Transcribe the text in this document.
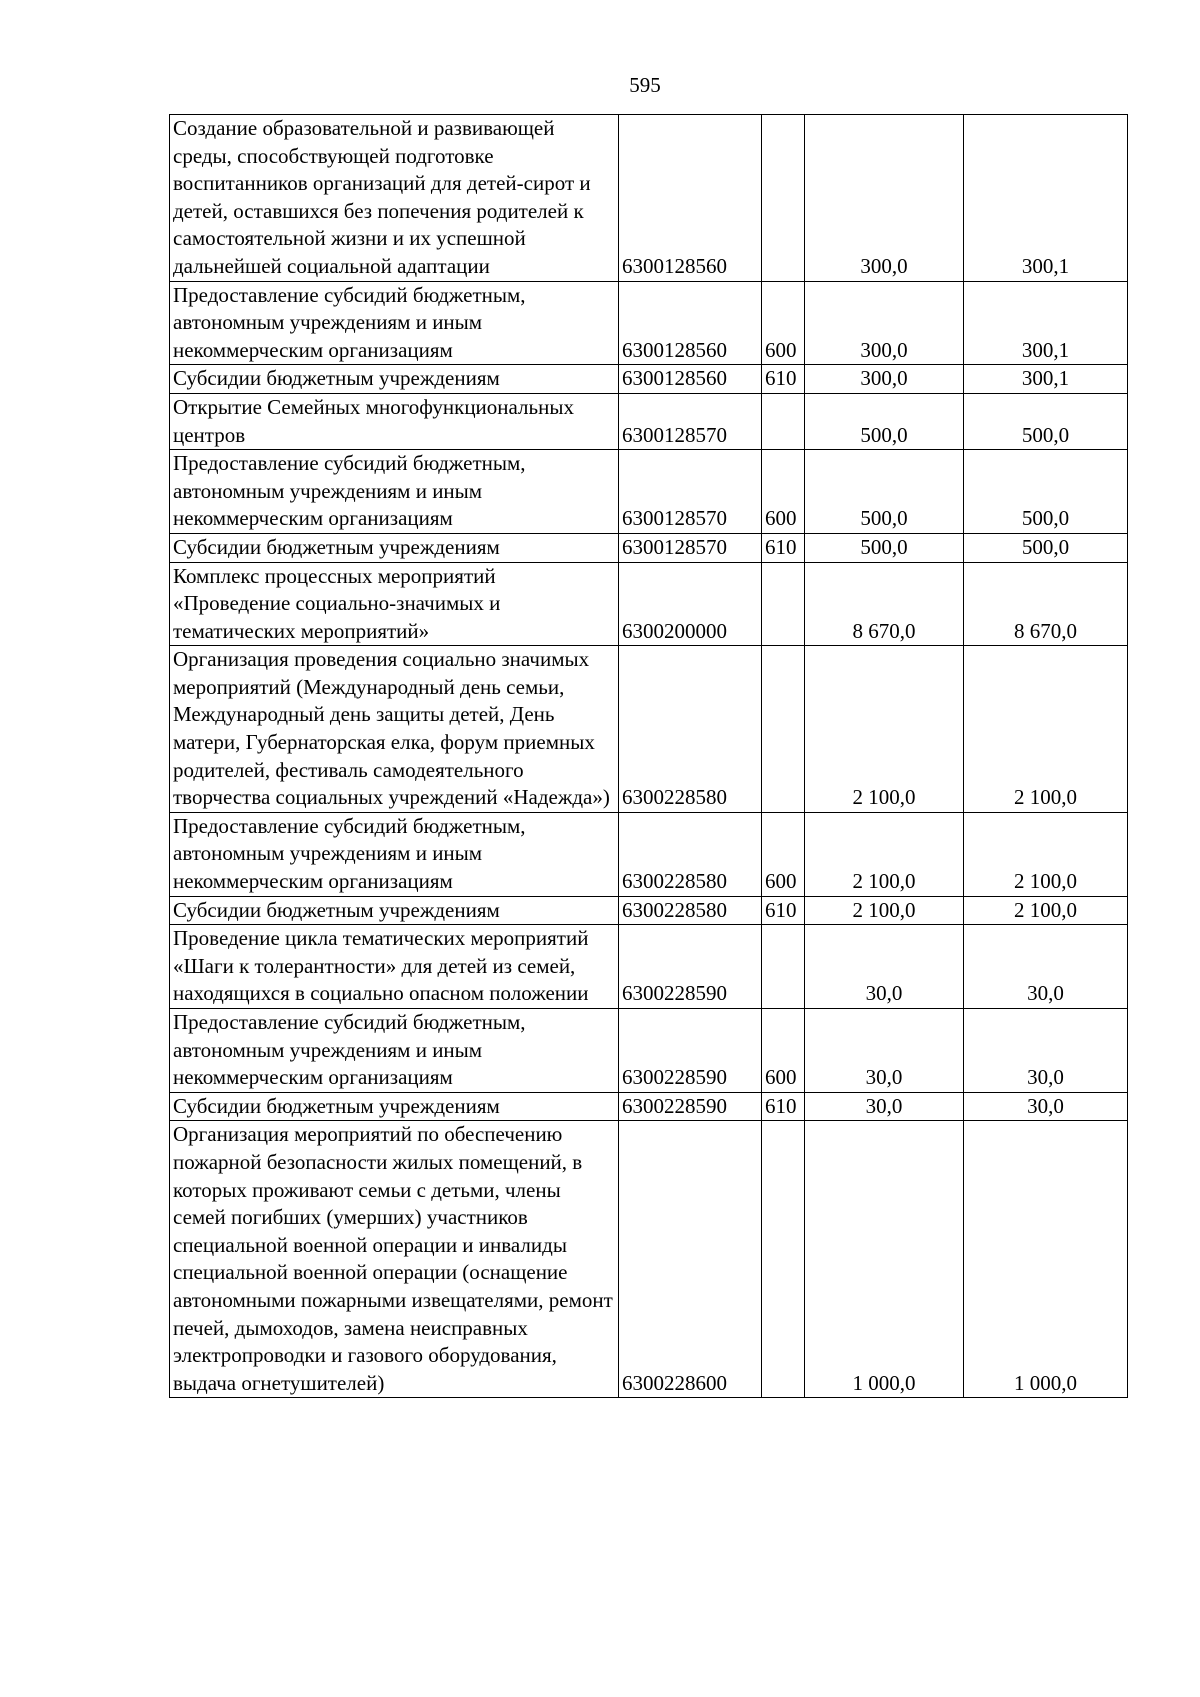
595
Создание образовательной и развивающей среды, способствующей подготовке воспитанников организаций для детей-сирот и детей, оставшихся без попечения родителей к самостоятельной жизни и их успешной дальнейшей социальной адаптации	6300128560		300,0	300,1
Предоставление субсидий бюджетным, автономным учреждениям и иным некоммерческим организациям	6300128560	600	300,0	300,1
Субсидии бюджетным учреждениям	6300128560	610	300,0	300,1
Открытие Семейных многофункциональных центров	6300128570		500,0	500,0
Предоставление субсидий бюджетным, автономным учреждениям и иным некоммерческим организациям	6300128570	600	500,0	500,0
Субсидии бюджетным учреждениям	6300128570	610	500,0	500,0
Комплекс процессных мероприятий «Проведение социально-значимых и тематических мероприятий»	6300200000		8 670,0	8 670,0
Организация проведения социально значимых мероприятий (Международный день семьи, Международный день защиты детей, День матери, Губернаторская елка, форум приемных родителей, фестиваль самодеятельного творчества социальных учреждений «Надежда»)	6300228580		2 100,0	2 100,0
Предоставление субсидий бюджетным, автономным учреждениям и иным некоммерческим организациям	6300228580	600	2 100,0	2 100,0
Субсидии бюджетным учреждениям	6300228580	610	2 100,0	2 100,0
Проведение цикла тематических мероприятий «Шаги к толерантности» для детей из семей, находящихся в социально опасном положении	6300228590		30,0	30,0
Предоставление субсидий бюджетным, автономным учреждениям и иным некоммерческим организациям	6300228590	600	30,0	30,0
Субсидии бюджетным учреждениям	6300228590	610	30,0	30,0
Организация мероприятий по обеспечению пожарной безопасности жилых помещений, в которых проживают семьи с детьми, члены семей погибших (умерших) участников специальной военной операции и инвалиды специальной военной операции (оснащение автономными пожарными извещателями, ремонт печей, дымоходов, замена неисправных электропроводки и газового оборудования, выдача огнетушителей)	6300228600		1 000,0	1 000,0
